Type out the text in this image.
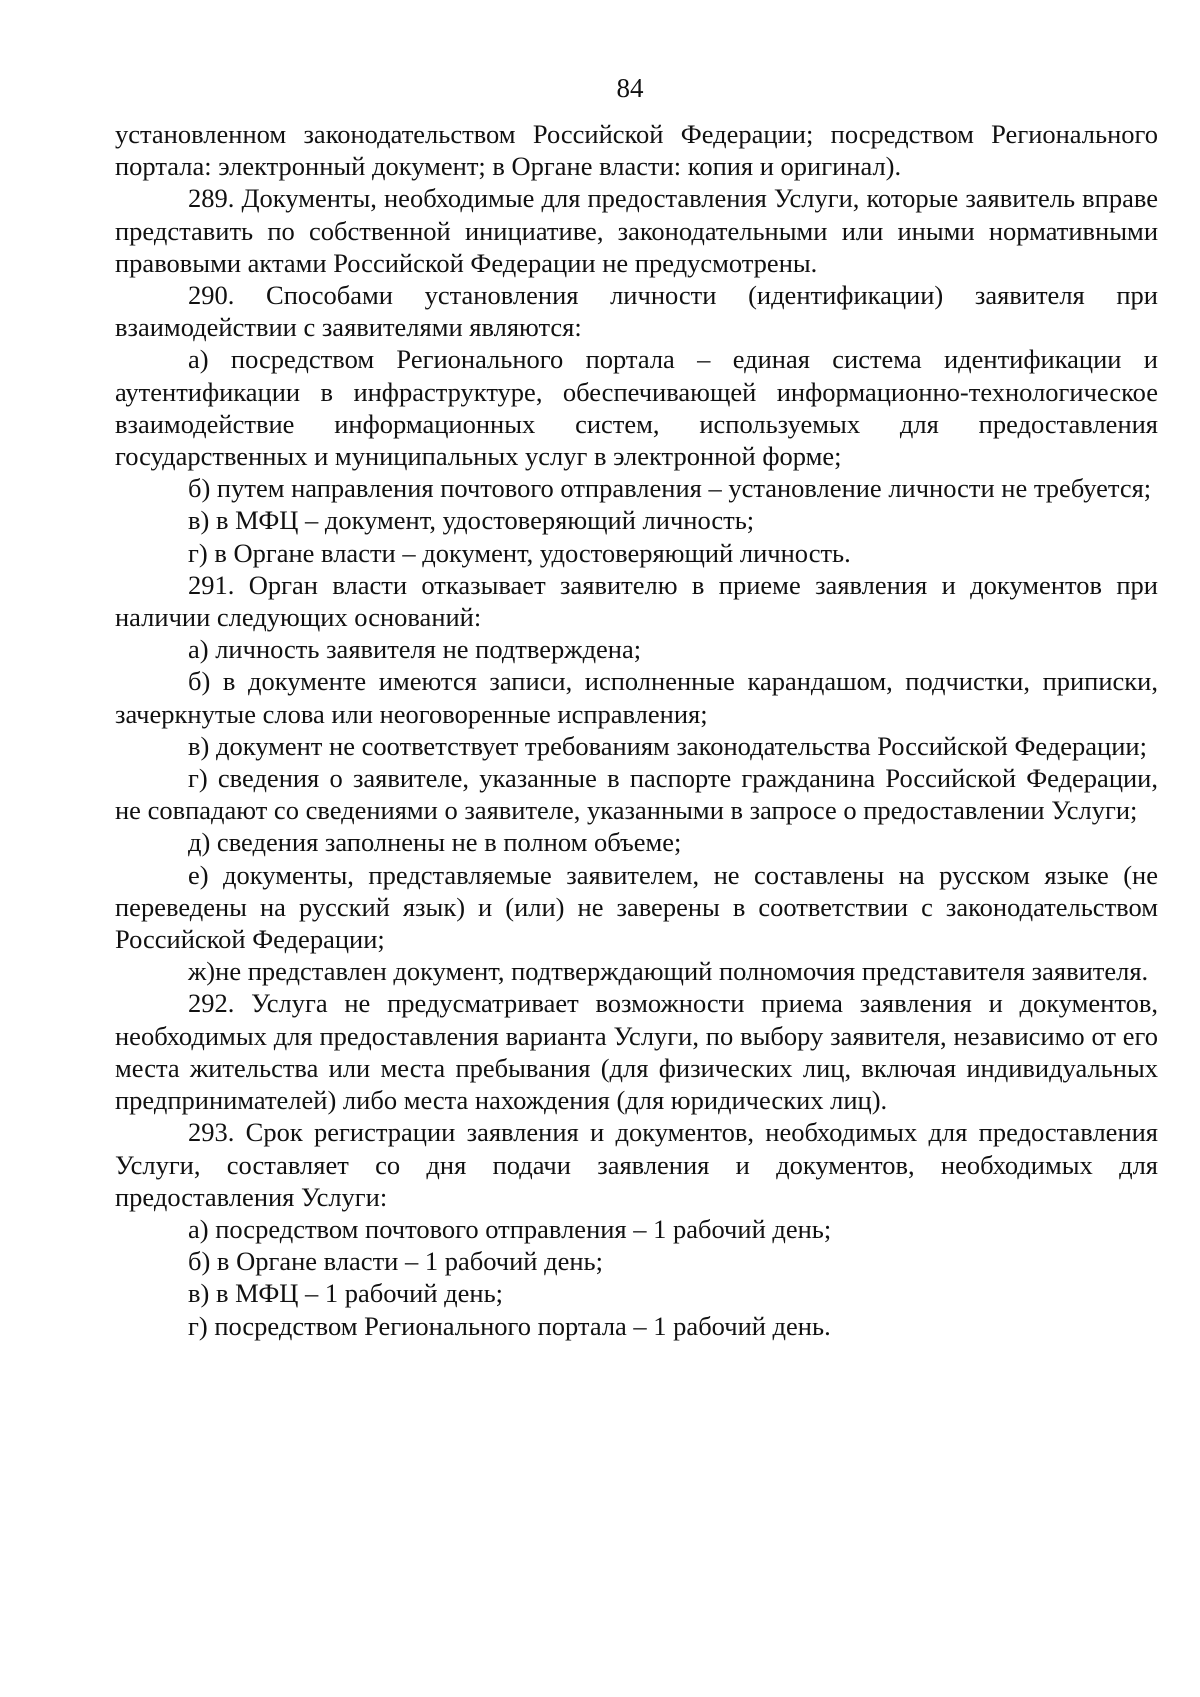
84

установленном законодательством Российской Федерации; посредством Регионального портала: электронный документ; в Органе власти: копия и оригинал).

289. Документы, необходимые для предоставления Услуги, которые заявитель вправе представить по собственной инициативе, законодательными или иными нормативными правовыми актами Российской Федерации не предусмотрены.

290. Способами установления личности (идентификации) заявителя при взаимодействии с заявителями являются:

а) посредством Регионального портала – единая система идентификации и аутентификации в инфраструктуре, обеспечивающей информационно-технологическое взаимодействие информационных систем, используемых для предоставления государственных и муниципальных услуг в электронной форме;

б) путем направления почтового отправления – установление личности не требуется;

в) в МФЦ – документ, удостоверяющий личность;

г) в Органе власти – документ, удостоверяющий личность.

291. Орган власти отказывает заявителю в приеме заявления и документов при наличии следующих оснований:

а) личность заявителя не подтверждена;

б) в документе имеются записи, исполненные карандашом, подчистки, приписки, зачеркнутые слова или неоговоренные исправления;

в) документ не соответствует требованиям законодательства Российской Федерации;

г) сведения о заявителе, указанные в паспорте гражданина Российской Федерации, не совпадают со сведениями о заявителе, указанными в запросе о предоставлении Услуги;

д) сведения заполнены не в полном объеме;

е) документы, представляемые заявителем, не составлены на русском языке (не переведены на русский язык) и (или) не заверены в соответствии с законодательством Российской Федерации;

ж)не представлен документ, подтверждающий полномочия представителя заявителя.

292. Услуга не предусматривает возможности приема заявления и документов, необходимых для предоставления варианта Услуги, по выбору заявителя, независимо от его места жительства или места пребывания (для физических лиц, включая индивидуальных предпринимателей) либо места нахождения (для юридических лиц).

293. Срок регистрации заявления и документов, необходимых для предоставления Услуги, составляет со дня подачи заявления и документов, необходимых для предоставления Услуги:

а) посредством почтового отправления – 1 рабочий день;

б) в Органе власти – 1 рабочий день;

в) в МФЦ – 1 рабочий день;

г) посредством Регионального портала – 1 рабочий день.
